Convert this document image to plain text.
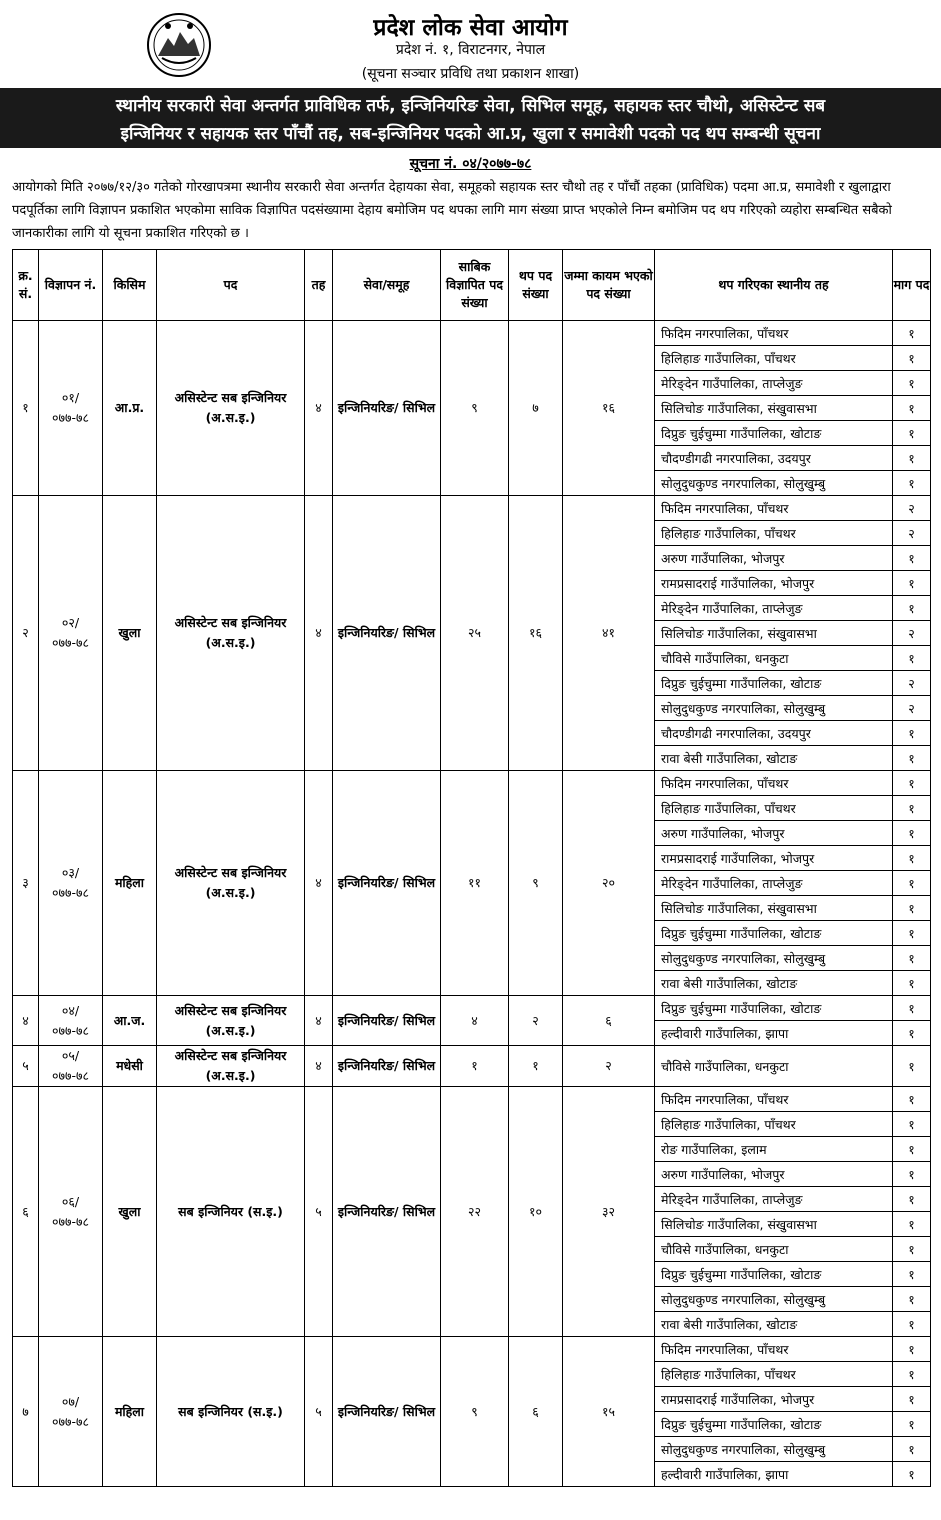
प्रदेश लोक सेवा आयोग
प्रदेश नं. १, विराटनगर, नेपाल
(सूचना सञ्चार प्रविधि तथा प्रकाशन शाखा)
स्थानीय सरकारी सेवा अन्तर्गत प्राविधिक तर्फ, इन्जिनियरिङ सेवा, सिभिल समूह, सहायक स्तर चौथो, असिस्टेन्ट सब
इन्जिनियर र सहायक स्तर पाँचौं तह, सब-इन्जिनियर पदको आ.प्र, खुला र समावेशी पदको पद थप सम्बन्धी सूचना
सूचना नं. ०४/२०७७-७८
आयोगको मिति २०७७/१२/३० गतेको गोरखापत्रमा स्थानीय सरकारी सेवा अन्तर्गत देहायका सेवा, समूहको सहायक स्तर चौथो तह र पाँचौं तहका (प्राविधिक) पदमा आ.प्र, समावेशी र खुलाद्वारा पदपूर्तिका लागि विज्ञापन प्रकाशित भएकोमा साविक विज्ञापित पदसंख्यामा देहाय बमोजिम पद थपका लागि माग संख्या प्राप्त भएकोले निम्न बमोजिम पद थप गरिएको व्यहोरा सम्बन्धित सबैको जानकारीका लागि यो सूचना प्रकाशित गरिएको छ ।
क्र. सं.	विज्ञापन नं.	किसिम	पद	तह	सेवा/समूह	साबिक विज्ञापित पद संख्या	थप पद संख्या	जम्मा कायम भएको पद संख्या	थप गरिएका स्थानीय तह	माग पद

१	०१/ ०७७-७८	आ.प्र.	असिस्टेन्ट सब इन्जिनियर (अ.स.इ.)	४	इन्जिनियरिङ/ सिभिल	९	७	१६	फिदिम नगरपालिका, पाँचथर	१
									हिलिहाङ गाउँपालिका, पाँचथर	१
									मेरिङ्देन गाउँपालिका, ताप्लेजुङ	१
									सिलिचोङ गाउँपालिका, संखुवासभा	१
									दिप्रुङ चुईचुम्मा गाउँपालिका, खोटाङ	१
									चौदण्डीगढी नगरपालिका, उदयपुर	१
									सोलुदुधकुण्ड नगरपालिका, सोलुखुम्बु	१

२	०२/ ०७७-७८	खुला	असिस्टेन्ट सब इन्जिनियर (अ.स.इ.)	४	इन्जिनियरिङ/ सिभिल	२५	१६	४१	फिदिम नगरपालिका, पाँचथर	२
									हिलिहाङ गाउँपालिका, पाँचथर	२
									अरुण गाउँपालिका, भोजपुर	१
									रामप्रसादराई गाउँपालिका, भोजपुर	१
									मेरिङ्देन गाउँपालिका, ताप्लेजुङ	१
									सिलिचोङ गाउँपालिका, संखुवासभा	२
									चौविसे गाउँपालिका, धनकुटा	१
									दिप्रुङ चुईचुम्मा गाउँपालिका, खोटाङ	२
									सोलुदुधकुण्ड नगरपालिका, सोलुखुम्बु	२
									चौदण्डीगढी नगरपालिका, उदयपुर	१
									रावा बेसी गाउँपालिका, खोटाङ	१

३	०३/ ०७७-७८	महिला	असिस्टेन्ट सब इन्जिनियर (अ.स.इ.)	४	इन्जिनियरिङ/ सिभिल	११	९	२०	फिदिम नगरपालिका, पाँचथर	१
									हिलिहाङ गाउँपालिका, पाँचथर	१
									अरुण गाउँपालिका, भोजपुर	१
									रामप्रसादराई गाउँपालिका, भोजपुर	१
									मेरिङ्देन गाउँपालिका, ताप्लेजुङ	१
									सिलिचोङ गाउँपालिका, संखुवासभा	१
									दिप्रुङ चुईचुम्मा गाउँपालिका, खोटाङ	१
									सोलुदुधकुण्ड नगरपालिका, सोलुखुम्बु	१
									रावा बेसी गाउँपालिका, खोटाङ	१

४	०४/ ०७७-७८	आ.ज.	असिस्टेन्ट सब इन्जिनियर (अ.स.इ.)	४	इन्जिनियरिङ/ सिभिल	४	२	६	दिप्रुङ चुईचुम्मा गाउँपालिका, खोटाङ	१
									हल्दीवारी गाउँपालिका, झापा	१

५	०५/ ०७७-७८	मधेसी	असिस्टेन्ट सब इन्जिनियर (अ.स.इ.)	४	इन्जिनियरिङ/ सिभिल	१	१	२	चौविसे गाउँपालिका, धनकुटा	१

६	०६/ ०७७-७८	खुला	सब इन्जिनियर (स.इ.)	५	इन्जिनियरिङ/ सिभिल	२२	१०	३२	फिदिम नगरपालिका, पाँचथर	१
									हिलिहाङ गाउँपालिका, पाँचथर	१
									रोङ गाउँपालिका, इलाम	१
									अरुण गाउँपालिका, भोजपुर	१
									मेरिङ्देन गाउँपालिका, ताप्लेजुङ	१
									सिलिचोङ गाउँपालिका, संखुवासभा	१
									चौविसे गाउँपालिका, धनकुटा	१
									दिप्रुङ चुईचुम्मा गाउँपालिका, खोटाङ	१
									सोलुदुधकुण्ड नगरपालिका, सोलुखुम्बु	१
									रावा बेसी गाउँपालिका, खोटाङ	१

७	०७/ ०७७-७८	महिला	सब इन्जिनियर (स.इ.)	५	इन्जिनियरिङ/ सिभिल	९	६	१५	फिदिम नगरपालिका, पाँचथर	१
									हिलिहाङ गाउँपालिका, पाँचथर	१
									रामप्रसादराई गाउँपालिका, भोजपुर	१
									दिप्रुङ चुईचुम्मा गाउँपालिका, खोटाङ	१
									सोलुदुधकुण्ड नगरपालिका, सोलुखुम्बु	१
									हल्दीवारी गाउँपालिका, झापा	१
